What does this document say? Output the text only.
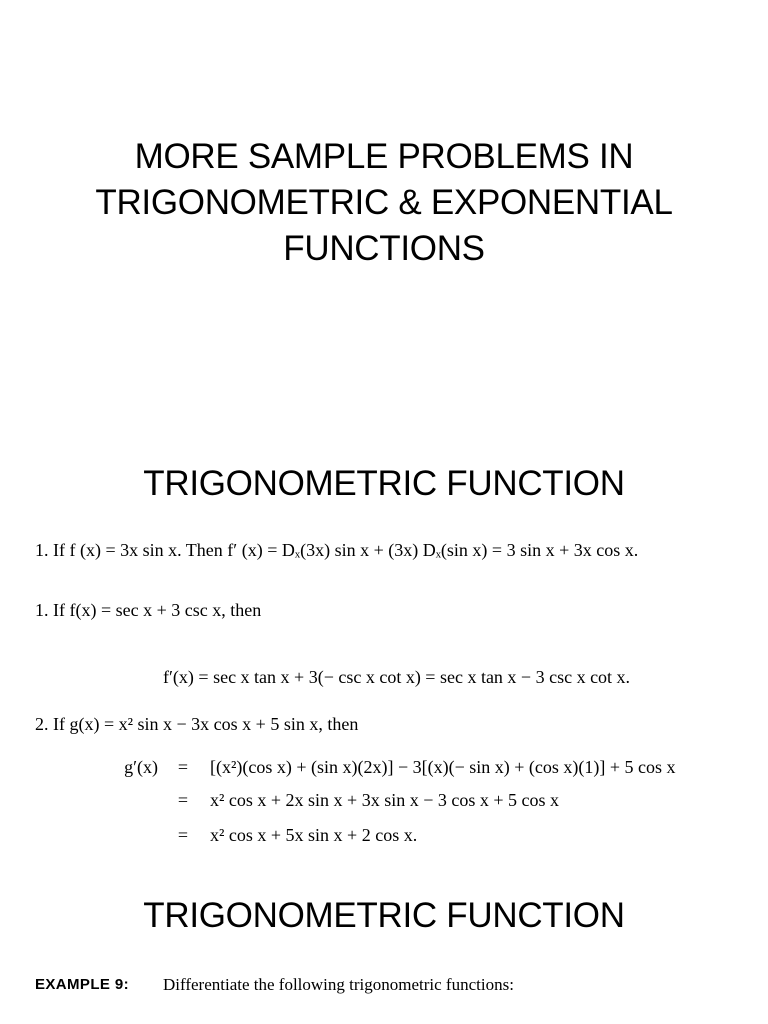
MORE SAMPLE PROBLEMS IN
TRIGONOMETRIC & EXPONENTIAL
FUNCTIONS
TRIGONOMETRIC FUNCTION

1. If f (x) = 3x sin x. Then f′ (x) = Dₓ(3x) sin x + (3x) Dₓ(sin x) = 3 sin x + 3x cos x.

1. If f(x) = sec x + 3 csc x, then

f′(x) = sec x tan x + 3(− csc x cot x) = sec x tan x − 3 csc x cot x.

2. If g(x) = x² sin x − 3x cos x + 5 sin x, then

g′(x)	=	[(x²)(cos x) + (sin x)(2x)] − 3[(x)(− sin x) + (cos x)(1)] + 5 cos x
=	x² cos x + 2x sin x + 3x sin x − 3 cos x + 5 cos x
=	x² cos x + 5x sin x + 2 cos x.
TRIGONOMETRIC FUNCTION
EXAMPLE 9: Differentiate the following trigonometric functions:
